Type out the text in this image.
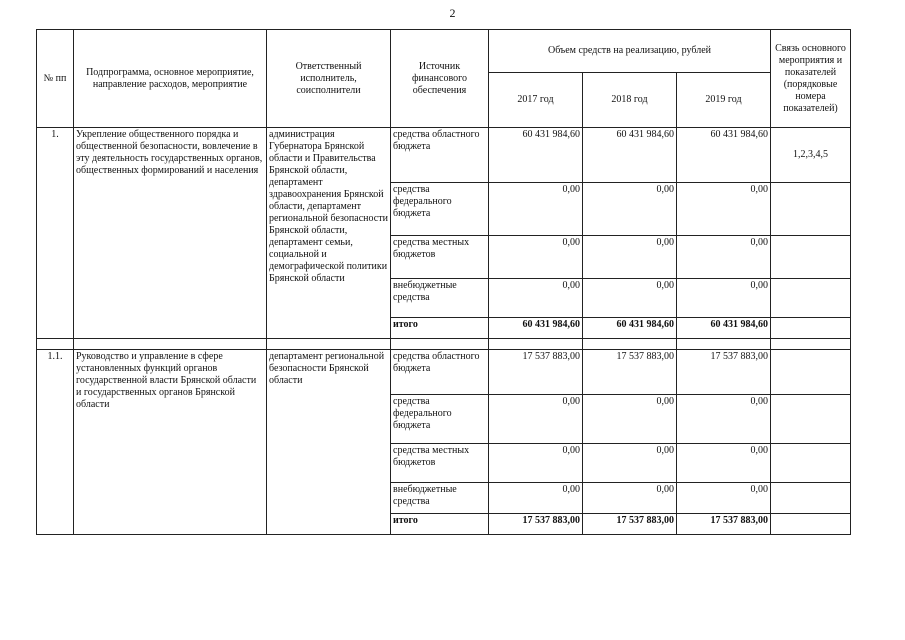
2
№ пп	Подпрограмма, основное мероприятие, направление расходов, мероприятие	Ответственный исполнитель, соисполнители	Источник финансового обеспечения	Объем средств на реализацию, рублей			Связь основного мероприятия и показателей (порядковые номера показателей)
				2017 год	2018 год	2019 год	
1.	Укрепление общественного порядка и общественной безопасности, вовлечение в эту деятельность государственных органов, общественных формирований и населения	администрация Губернатора Брянской области и Правительства Брянской области, департамент здравоохранения Брянской области, департамент региональной безопасности Брянской области, департамент семьи, социальной и демографической политики Брянской области	средства областного бюджета	60 431 984,60	60 431 984,60	60 431 984,60	1,2,3,4,5
			средства федерального бюджета	0,00	0,00	0,00	
			средства местных бюджетов	0,00	0,00	0,00	
			внебюджетные средства	0,00	0,00	0,00	
			итого	60 431 984,60	60 431 984,60	60 431 984,60	

1.1.	Руководство и управление в сфере установленных функций органов государственной власти Брянской области и государственных органов Брянской области	департамент региональной безопасности Брянской области	средства областного бюджета	17 537 883,00	17 537 883,00	17 537 883,00	
			средства федерального бюджета	0,00	0,00	0,00	
			средства местных бюджетов	0,00	0,00	0,00	
			внебюджетные средства	0,00	0,00	0,00	
			итого	17 537 883,00	17 537 883,00	17 537 883,00	
